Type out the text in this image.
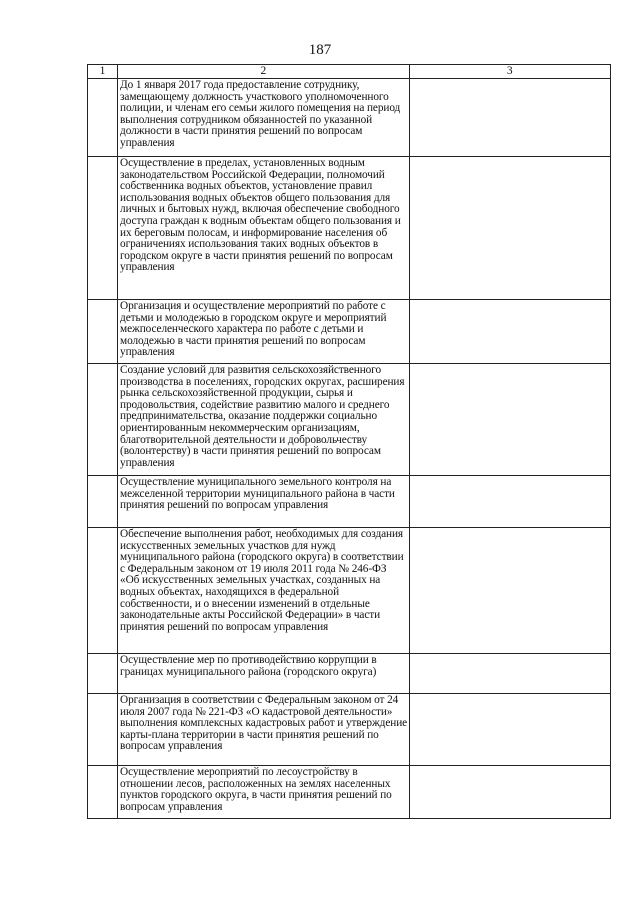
187
1	2	3

	До 1 января 2017 года предоставление сотруднику, замещающему должность участкового уполномоченного полиции, и членам его семьи жилого помещения на период выполнения сотрудником обязанностей по указанной должности в части принятия решений по вопросам управления	

	Осуществление в пределах, установленных водным законодательством Российской Федерации, полномочий собственника водных объектов, установление правил использования водных объектов общего пользования для личных и бытовых нужд, включая обеспечение свободного доступа граждан к водным объектам общего пользования и их береговым полосам, и информирование населения об ограничениях использования таких водных объектов в городском округе в части принятия решений по вопросам управления	

	Организация и осуществление мероприятий по работе с детьми и молодежью в городском округе и мероприятий межпоселенческого характера по работе с детьми и молодежью в части принятия решений по вопросам управления	

	Создание условий для развития сельскохозяйственного производства в поселениях, городских округах, расширения рынка сельскохозяйственной продукции, сырья и продовольствия, содействие развитию малого и среднего предпринимательства, оказание поддержки социально ориентированным некоммерческим организациям, благотворительной деятельности и добровольчеству (волонтерству) в части принятия решений по вопросам управления	

	Осуществление муниципального земельного контроля на межселенной территории муниципального района в части принятия решений по вопросам управления	

	Обеспечение выполнения работ, необходимых для создания искусственных земельных участков для нужд муниципального района (городского округа) в соответствии с Федеральным законом от 19 июля 2011 года № 246-ФЗ «Об искусственных земельных участках, созданных на водных объектах, находящихся в федеральной собственности, и о внесении изменений в отдельные законодательные акты Российской Федерации» в части принятия решений по вопросам управления	

	Осуществление мер по противодействию коррупции в границах муниципального района (городского округа)	

	Организация в соответствии с Федеральным законом от 24 июля 2007 года № 221-ФЗ «О кадастровой деятельности» выполнения комплексных кадастровых работ и утверждение карты-плана территории в части принятия решений по вопросам управления	

	Осуществление мероприятий по лесоустройству в отношении лесов, расположенных на землях населенных пунктов городского округа, в части принятия решений по вопросам управления	
